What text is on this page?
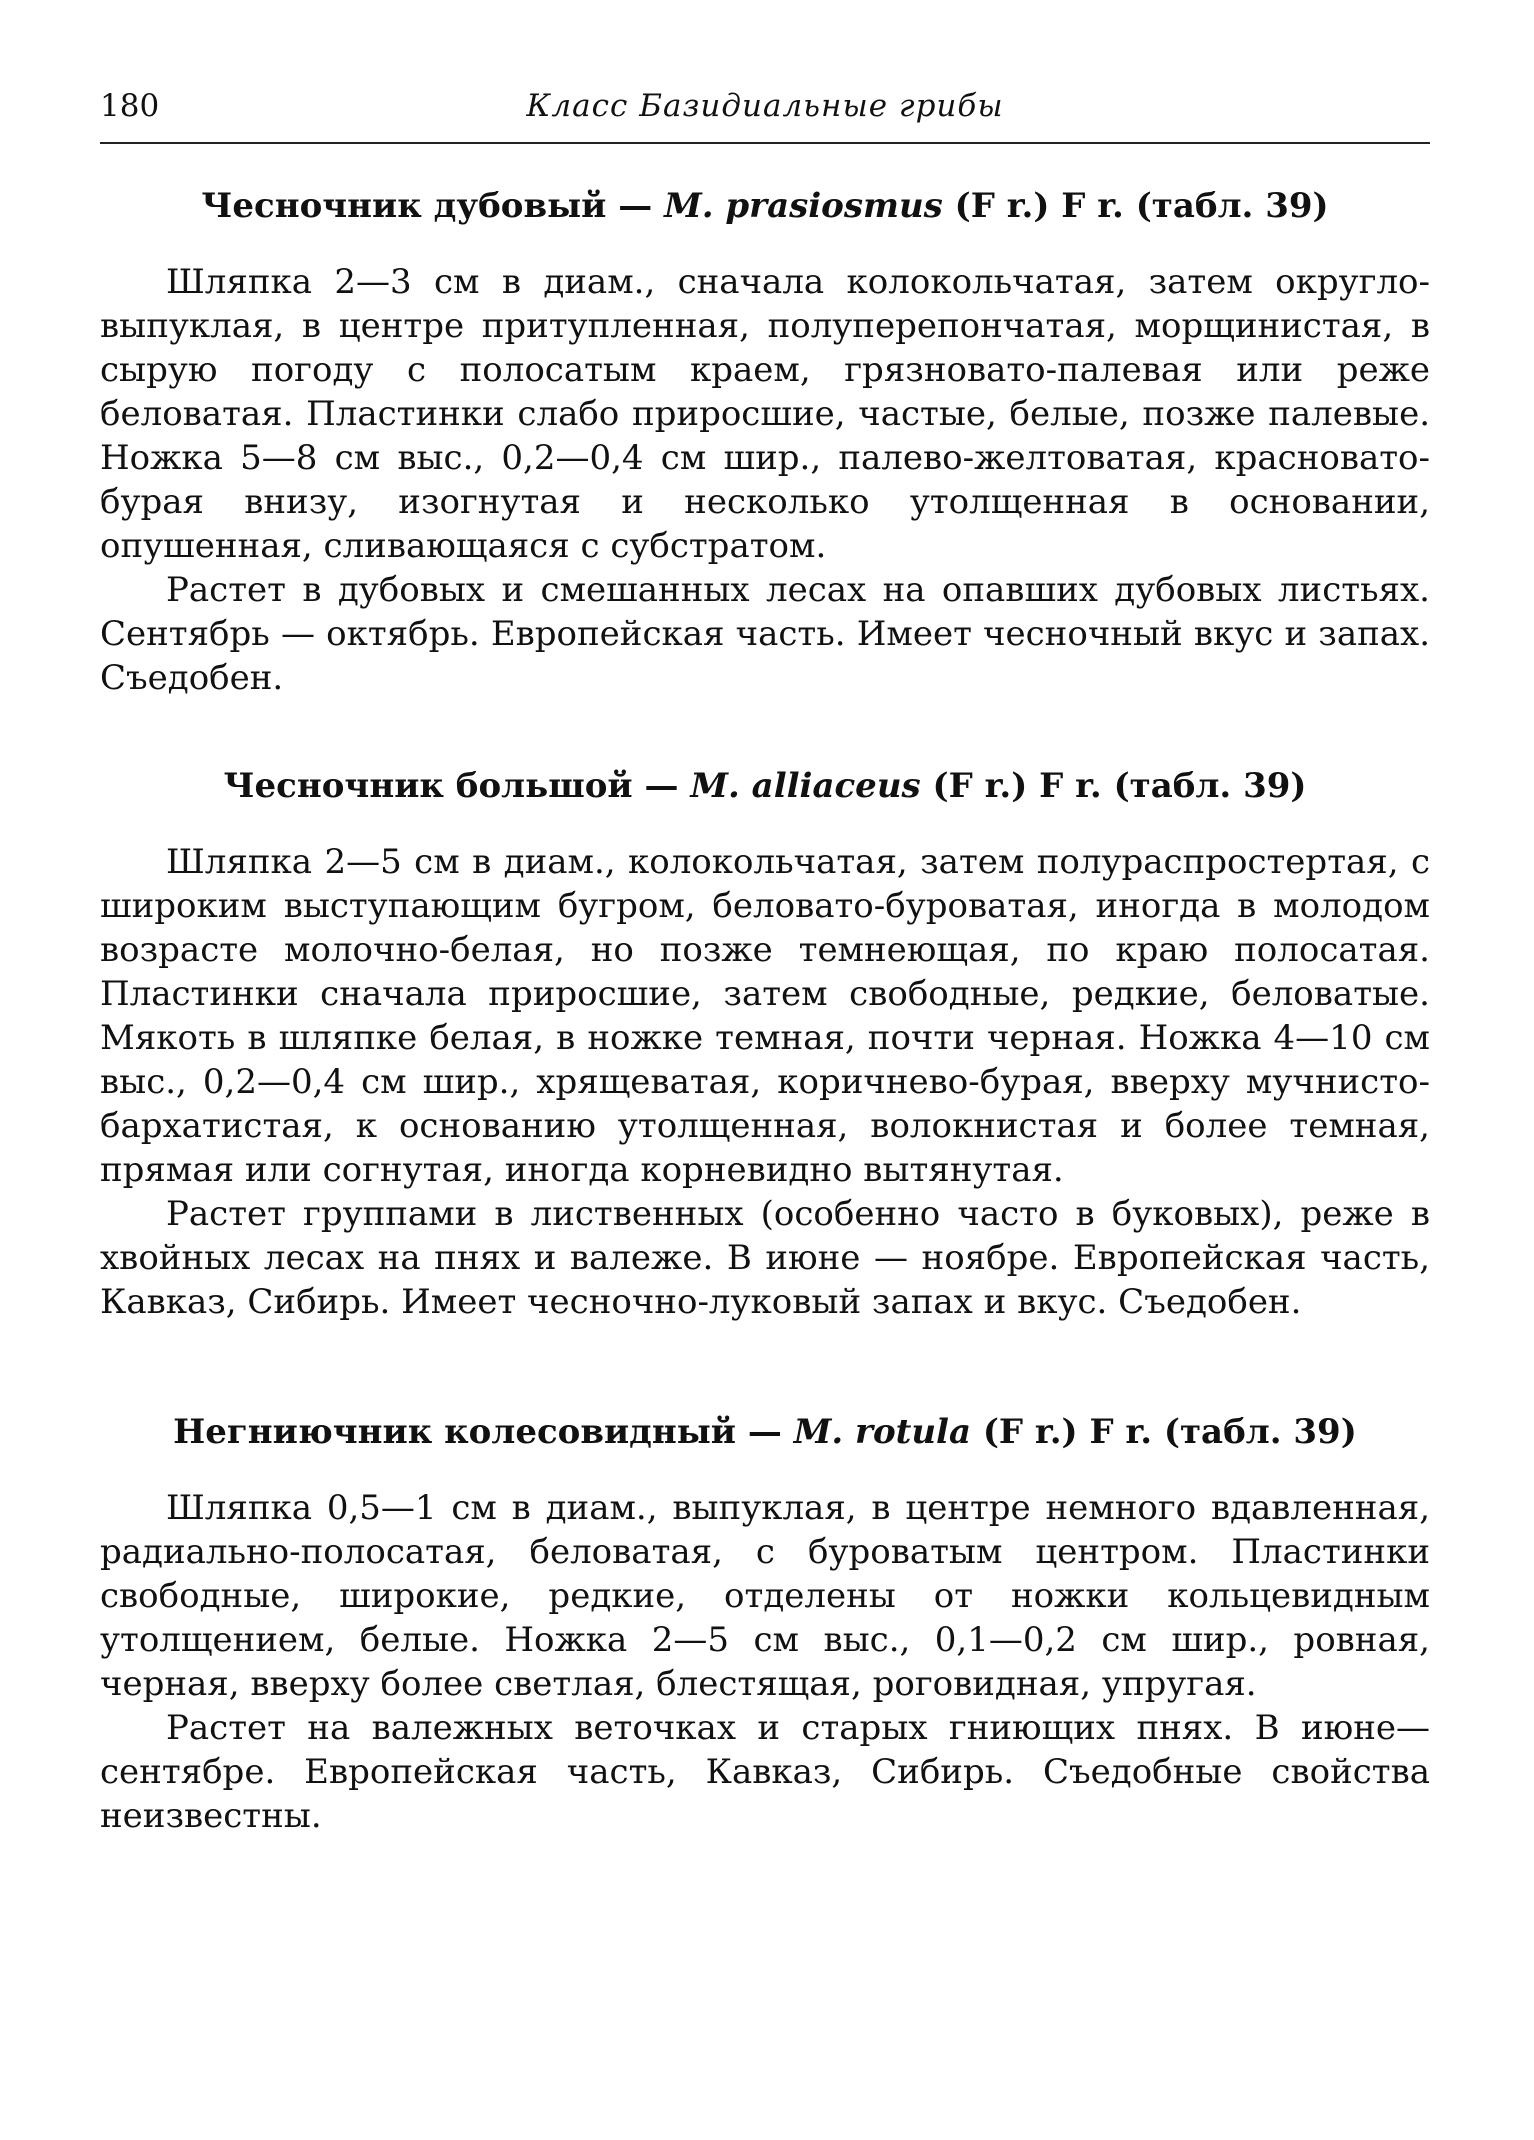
180	Класс Базидиальные грибы
Чесночник дубовый — M. prasiosmus (F r.) F r. (табл. 39)

Шляпка 2—3 см в диам., сначала колокольчатая, затем округло-выпуклая, в центре притупленная, полуперепончатая, морщинистая, в сырую погоду с полосатым краем, грязновато-палевая или реже беловатая. Пластинки слабо приросшие, частые, белые, позже палевые. Ножка 5—8 см выс., 0,2—0,4 см шир., палево-желтоватая, красновато-бурая внизу, изогнутая и несколько утолщенная в основании, опушенная, сливающаяся с субстратом.

Растет в дубовых и смешанных лесах на опавших дубовых листьях. Сентябрь — октябрь. Европейская часть. Имеет чесночный вкус и запах. Съедобен.

Чесночник большой — M. alliaceus (F r.) F r. (табл. 39)

Шляпка 2—5 см в диам., колокольчатая, затем полураспростертая, с широким выступающим бугром, беловато-буроватая, иногда в молодом возрасте молочно-белая, но позже темнеющая, по краю полосатая. Пластинки сначала приросшие, затем свободные, редкие, беловатые. Мякоть в шляпке белая, в ножке темная, почти черная. Ножка 4—10 см выс., 0,2—0,4 см шир., хрящеватая, коричнево-бурая, вверху мучнисто-бархатистая, к основанию утолщенная, волокнистая и более темная, прямая или согнутая, иногда корневидно вытянутая.

Растет группами в лиственных (особенно часто в буковых), реже в хвойных лесах на пнях и валеже. В июне — ноябре. Европейская часть, Кавказ, Сибирь. Имеет чесночно-луковый запах и вкус. Съедобен.

Негниючник колесовидный — M. rotula (F r.) F r. (табл. 39)

Шляпка 0,5—1 см в диам., выпуклая, в центре немного вдавленная, радиально-полосатая, беловатая, с буроватым центром. Пластинки свободные, широкие, редкие, отделены от ножки кольцевидным утолщением, белые. Ножка 2—5 см выс., 0,1—0,2 см шир., ровная, черная, вверху более светлая, блестящая, роговидная, упругая.

Растет на валежных веточках и старых гниющих пнях. В июне— сентябре. Европейская часть, Кавказ, Сибирь. Съедобные свойства неизвестны.
